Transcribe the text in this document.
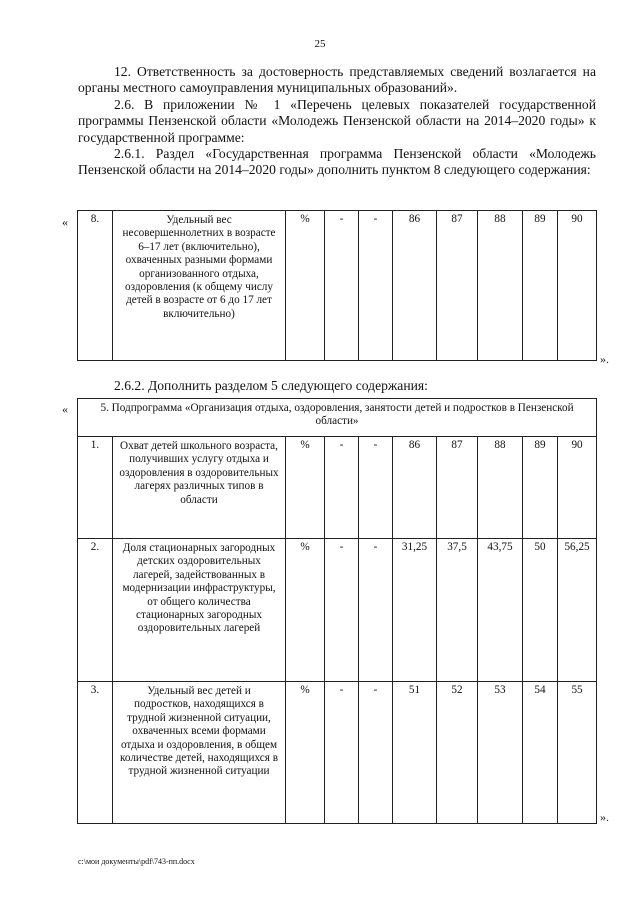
25
12. Ответственность за достоверность представляемых сведений возлагается на органы местного самоуправления муниципальных образований».
2.6. В приложении № 1 «Перечень целевых показателей государственной программы Пензенской области «Молодежь Пензенской области на 2014–2020 годы» к государственной программе:
2.6.1. Раздел «Государственная программа Пензенской области «Молодежь Пензенской области на 2014–2020 годы» дополнить пунктом 8 следующего содержания:
« 8.	Удельный вес несовершеннолетних в возрасте 6–17 лет (включительно), охваченных разными формами организованного отдыха, оздоровления (к общему числу детей в возрасте от 6 до 17 лет включительно)	%	-	-	86	87	88	89	90
».
2.6.2. Дополнить разделом 5 следующего содержания:
«	5. Подпрограмма «Организация отдыха, оздоровления, занятости детей и подростков в Пензенской области»									
1.	Охват детей школьного возраста, получивших услугу отдыха и оздоровления в оздоровительных лагерях различных типов в области	%	-	-	86	87	88	89	90
2.	Доля стационарных загородных детских оздоровительных лагерей, задействованных в модернизации инфраструктуры, от общего количества стационарных загородных оздоровительных лагерей	%	-	-	31,25	37,5	43,75	50	56,25
3.	Удельный вес детей и подростков, находящихся в трудной жизненной ситуации, охваченных всеми формами отдыха и оздоровления, в общем количестве детей, находящихся в трудной жизненной ситуации	%	-	-	51	52	53	54	55
».
c:\мои документы\pdf\743-пп.docx
